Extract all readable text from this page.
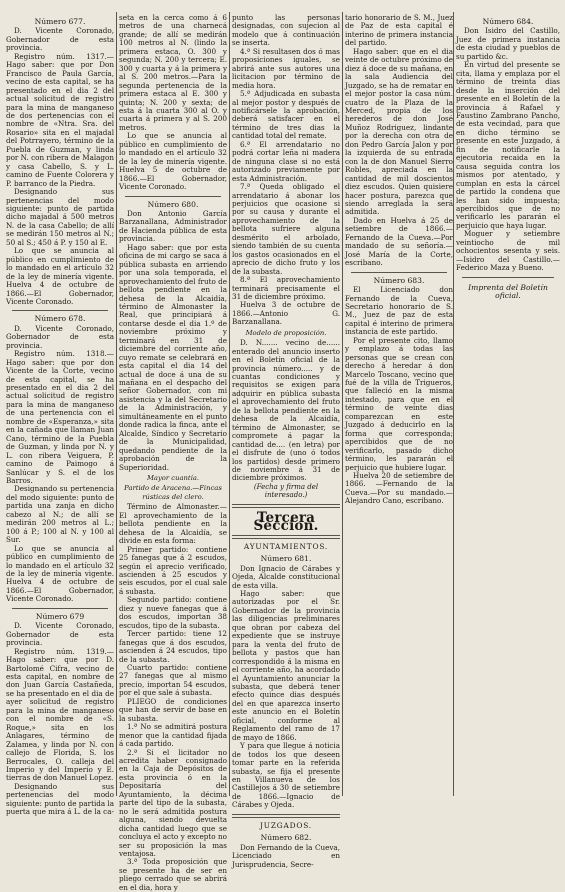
Número 677.

D. Vicente Coronado, Gobernador de esta provincia.

Registro núm. 1317.—Hago saber: que por Don Francisco de Paula García, vecino de esta capital, se ha presentado en el dia 2 del actual solicitud de registro para la mina de manganeso de dos pertenencias con el nombre de «Ntra. Sra. del Rosario» sita en el majadal del Potrrayero, término de la Puebla de Guzman, y linda por N. con ribera de Malagon y casa Cabello, S. y L. camino de Fuente Colorera y P. barranco de la Piedra.

Designando sus pertenencias del modo siguiente: punto de partida dicho majadal á 500 metros N. de la casa Cabello; de allí se medirán 150 metros al N.; 50 al S.; 450 á P. y 150 al E.

Lo que se anuncia al público en cumplimiento de lo mandado en el artículo 32 de la ley de minería vigente. Huelva 4 de octubre de 1866.—El Gobernador, Vicente Coronado.

Número 678.

D. Vicente Coronado, Gobernador de esta provincia.

Registro núm. 1318.—Hago saber: que por don Vicente de la Corte, vecino de esta capital, se ha presentado en el dia 2 del actual solicitud de registro para la mina de manganeso de una pertenencia con el nombre de «Esperanza,» sita en la cañada que llaman Juan Cano, término de la Puebla de Guzman, y linda por N. y L. con ribera Veiguera, P. camino de Paimogo á Sanlúcar y S. el de los Barros.

Designando su pertenencia del modo siguiente: punto de partida una zanja en dicho cabezo al N.; de allí se medirán 200 metros al L.; 100 á P.; 100 al N. y 100 al Sur.

Lo que se anuncia al público en cumplimiento de lo mandado en el artículo 32 de la ley de minería vigente. Huelva 4 de octubre de 1866.—El Gobernador, Vicente Coronado.

Número 679

D. Vicente Coronado, Gobernador de esta provincia.

Registro núm. 1319.—Hago saber: que por D. Bartolomé Cifra, vecino de esta capital, en nombre de don Juan García Castañeda, se ha presentado en el dia de ayer solicitud de registro para la mina de manganeso con el nombre de «S. Roque,» sita en los Anlagares, término de Zalamea, y linda por N. con callejo de Florida, S. los Berrocales, O. calleja del Imperio y del Imperio y E. tierras de don Manuel Lopez.

Designando sus pertenencias del modo siguiente: punto de partida la puerta que mira á L. de la ca-

seta en la cerca como á 6 metros de una charnecá grande; de allí se medirán 100 metros al N. (lindo la primera estaca, O. 300 y segunda; N. 200 y tercera; E. 300 y cuarta y á la primera y al S. 200 metros.—Para la segunda pertenencia de la primera estaca al E. 300 y quinta; N. 200 y sexta; de esta á la cuarta 300 al O. y cuarta á primera y al S. 200 metros.

Lo que se anuncia al público en cumplimiento de lo mandado en el artículo 32 de la ley de minería vigente. Huelva 5 de octubre de 1866.—El Gobernador, Vicente Coronado.

Número 680.

Don Antonio García Barzanallana, Administrador de Hacienda pública de esta provincia.

Hago saber: que por esta oficina de mi cargo se saca á pública subasta en arriendo por una sola temporada, el aprovechamiento del fruto de bellota pendiente en la dehesa de la Alcaidía, término de Almonaster la Real, que principiará á contarse desde el dia 1.º de noviembre próximo y terminará en 31 de diciembre del corriente año, cuyo remate se celebrará en esta capital el dia 14 del actual de doce á una de su mañana en el despacho del señor Gobernador, con mi asistencia y la del Secretario de la Administración, y simultáneamente en el punto donde radica la finca, ante el Alcalde, Síndico y Secretario de la Municipalidad, quedando pendiente de la aprobación de la Superioridad.

Mayor cuantía.
Partido de Aracena.—Fincas rústicas del clero.

Término de Almonaster.—El aprovechamiento de la bellota pendiente en la dehesa de la Alcaidía, se divide en esta forma:

Primer partido: contiene 25 fanegas que á 2 escudos, según el aprecio verificado, ascienden á 25 escudos y seis escudos, por el cual sale á subasta.

Segundo partido: contiene diez y nueve fanegas que á dos escudos, importan 38 escudos, tipo de la subasta.

Tercer partido: tiene 12 fanegas que á dos escudos, ascienden á 24 escudos, tipo de la subasta.

Cuarto partido: contiene 27 fanegas que al mismo precio, importan 54 escudos, por el que sale á subasta.

PLIEGO de condiciones que han de servir de base en la subasta.

1.ª No se admitirá postura menor que la cantidad fijada á cada partido.

2.ª Si el licitador no acredita haber consignado en la Caja de Depósitos de esta provincia ó en la Depositaría del Ayuntamiento, la décima parte del tipo de la subasta, no le será admitida postura alguna, siendo devuelta dicha cantidad luego que se concluya el acto y excepto no ser su proposición la mas ventajosa.

3.ª Toda proposición que se presente ha de ser en pliego cerrado que se abrirá en el dia, hora y

punto las personas designadas, con sujecion al modelo que á continuación se inserta.

4.ª Si resultasen dos ó mas proposiciones iguales, se abrirá ante sus autores una licitacion por término de media hora.

5.ª Adjudicada en subasta al mejor postor y después de notificársele la aprobación, deberá satisfacer en el término de tres dias la cantidad total del remate.

6.ª El arrendatario no podrá cortar leña ni madera de ninguna clase si no está autorizado previamente por esta Administración.

7.ª Queda obligado el arrendatario á abonar los perjuicios que ocasione si por su causa y durante el aprovechamiento de la bellota sufriere alguna desmérito el arbolado, siendo también de su cuenta los gastos ocasionados en el aprecio de dicho fruto y los de la subasta.

8.ª El aprovechamiento terminará precisamente el 31 de diciembre próximo.

Huelva 3 de octubre de 1866.—Antonio G. Barzanallana.

Modelo de proposición.

D. N....... vecino de...... enterado del anuncio inserto en el Boletín oficial de la provincia número..... y de cuantas condiciones y requisitos se exigen para adquirir en pública subasta el aprovechamiento del fruto de la bellota pendiente en la dehesa de la Alcaidía, término de Almonaster, se compromete á pagar la cantidad de.... (en letra) por el disfrute de (uno ó todos los partidos) desde primero de noviembre á 31 de diciembre próximos.

(Fecha y firma del interesado.)
Tercera Seccion.
AYUNTAMIENTOS.
Número 681.

Don Ignacio de Cárabes y Ojeda, Alcalde constitucional de esta villa.

Hago saber: que autorizadas por el Sr. Gobernador de la provincia las diligencias preliminares que obran por cabeza del expediente que se instruye para la venta del fruto de bellota y pastos que han correspondido á la misma en el corriente año, ha acordado el Ayuntamiento anunciar la subasta, que deberá tener efecto quince dias después del en que aparezca inserto este anuncio en el Boletín oficial, conforme al Reglamento del ramo de 17 de mayo de 1866.

Y para que llegue á noticia de todos los que deseen tomar parte en la referida subasta, se fija el presente en Villanueva de los Castillejos á 30 de setiembre de 1866.—Ignacio de Cárabes y Ojeda.

JUZGADOS.
Número 682.

Don Fernando de la Cueva, Licenciado en Jurisprudencia, Secre-

tario honorario de S. M., Juez de Paz de esta capital é interino de primera instancia del partido.

Hago saber: que en el dia veinte de octubre próximo de diez á doce de su mañana, en la sala Audiencia del Juzgado, se ha de rematar en el mejor postor la casa núm. cuatro de la Plaza de la Merced, propia de los herederos de don José Muñoz Rodriguez, lindante por la derecha con otra de don Pedro García Jalon y por la izquierda de su entrada con la de don Manuel Sierro Robles, apreciada en la cantidad de mil doscientos diez escudos. Quien quisiere hacer postura, parezca que siendo arreglada la será admitida.

Dado en Huelva á 25 de setiembre de 1866.—Fernando de la Cueva.—Por mandado de su señoría.—José María de la Corte, escribano.

Número 683.

El Licenciado don Fernando de la Cueva, Secretario honorario de S. M., Juez de paz de esta capital é interino de primera instancia de este partido.

Por el presente cito, llamo y emplazo á todas las personas que se crean con derecho á heredar á don Marcelo Toscano, vecino que fué de la villa de Trigueros, que falleció en la misma intestado, para que en el término de veinte dias comparezcan en este Juzgado á deducirlo en la forma que corresponda; apercibidos que de no verificarlo, pasado dicho término, les pararán el perjuicio que hubiere lugar.

Huelva 20 de setiembre de 1866. —Fernando de la Cueva.—Por su mandado.—Alejandro Cano, escribano.

Número 684.

Don Isidro del Castillo, Juez de primera instancia de esta ciudad y pueblos de su partido &c.

En virtud del presente se cita, llama y emplaza por el término de treinta dias desde la inserción del presente en el Boletín de la provincia á Rafael y Faustino Zambrano Pancho, de esta vecindad, para que en dicho término se presente en este Juzgado, á fin de notificarle la ejecutoria recaida en la causa seguida contra los mismos por atentado, y cumplan en esta la cárcel de partido la condena que les han sido impuesta; apercibidos que de no verificarlo les pararán el perjuicio que haya lugar.

Moguer y setiembre veintiocho de mil ochocientos sesenta y seis. —Isidro del Castillo.—Federico Maza y Bueno.

Imprenta del Boletín oficial.
